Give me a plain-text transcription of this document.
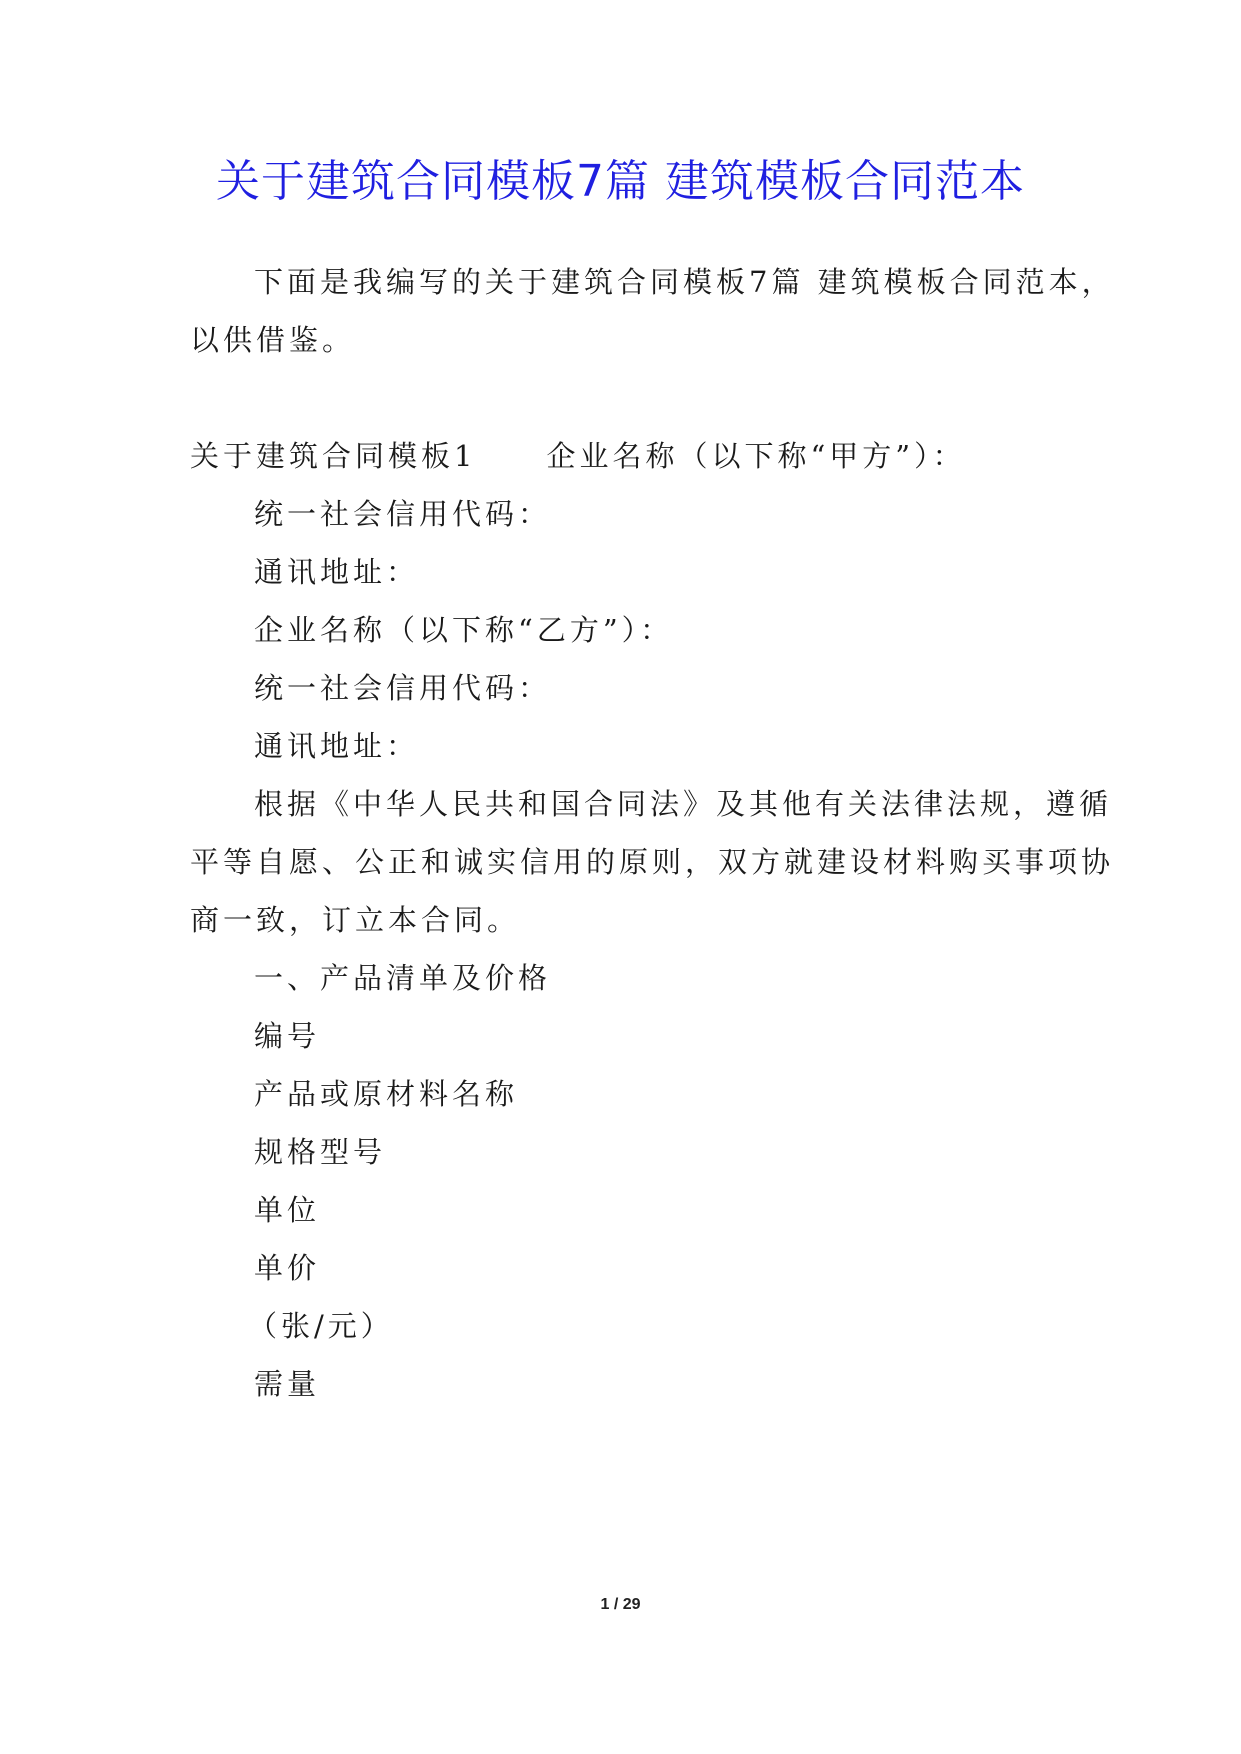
关于建筑合同模板7篇 建筑模板合同范本
下面是我编写的关于建筑合同模板7篇 建筑模板合同范本，
以供借鉴。
关于建筑合同模板1 企业名称（以下称“甲方”）：
统一社会信用代码：
通讯地址：
企业名称（以下称“乙方”）：
统一社会信用代码：
通讯地址：
根据《中华人民共和国合同法》及其他有关法律法规，遵循
平等自愿、公正和诚实信用的原则，双方就建设材料购买事项协
商一致，订立本合同。
一、产品清单及价格
编号
产品或原材料名称
规格型号
单位
单价
（张/元）
需量
1 / 29
